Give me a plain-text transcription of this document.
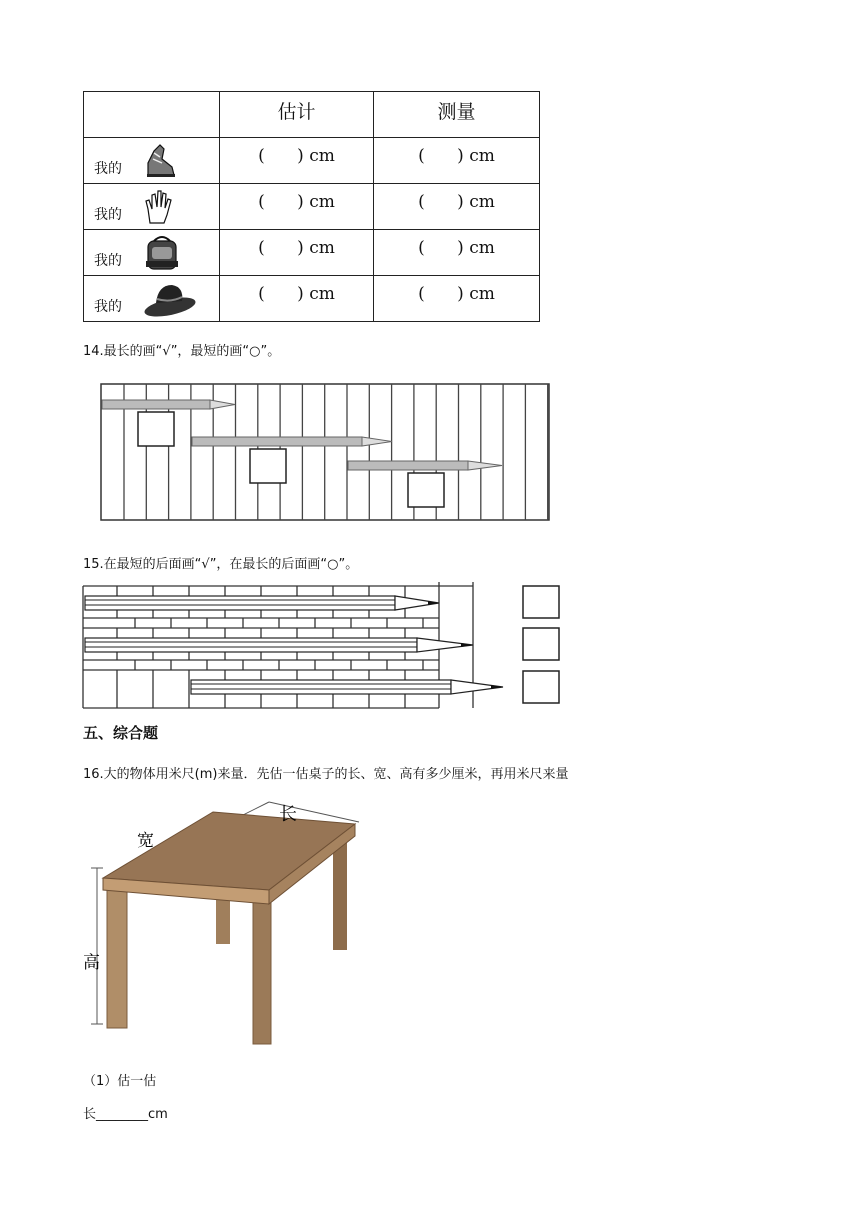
	估计	测量

我的	(      ) cm	(      ) cm

我的	(      ) cm	(      ) cm

我的	(      ) cm	(      ) cm

我的	(      ) cm	(      ) cm
14.最长的画“√”，最短的画“○”。
15.在最短的后面画“√”，在最长的后面画“○”。
五、综合题
16.大的物体用米尺(m)来量．先估一估桌子的长、宽、高有多少厘米，再用米尺来量
长
宽
高
（1）估一估
长________cm
